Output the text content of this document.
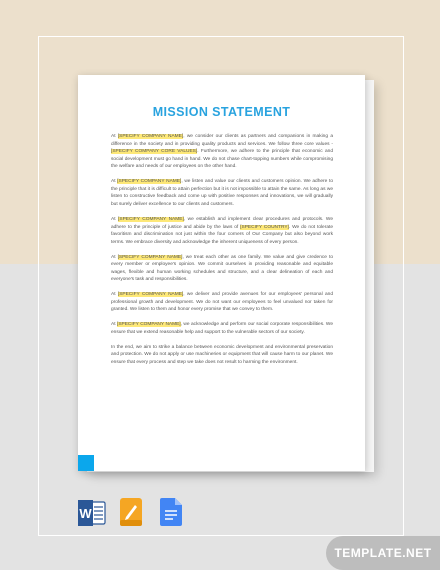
MISSION STATEMENT

At [SPECIFY COMPANY NAME], we consider our clients as partners and companions in making a difference in the society and in providing quality products and services. We follow three core values - [SPECIFY COMPANY CORE VALUES]. Furthermore, we adhere to the principle that economic and social development must go hand in hand. We do not chase chart-topping numbers while compromising the welfare and needs of our employees on the other hand.

At [SPECIFY COMPANY NAME], we listen and value our clients and customers opinion. We adhere to the principle that it is difficult to attain perfection but it is not impossible to attain the same. As long as we listen to constructive feedback and come up with positive responses and innovations, we will gradually but surely deliver excellence to our clients and customers.

At [SPECIFY COMPANY NAME], we establish and implement clear procedures and protocols. We adhere to the principle of justice and abide by the laws of [SPECIFY COUNTRY]. We do not tolerate favoritism and discrimination not just within the four corners of Our Company but also beyond work terms. We embrace diversity and acknowledge the inherent uniqueness of every person.

At [SPECIFY COMPANY NAME], we treat each other as one family. We value and give credence to every member or employee's opinion. We commit ourselves in providing reasonable and equitable wages, flexible and human working schedules and structure, and a clear delineation of each and everyone's task and responsibilities.

At [SPECIFY COMPANY NAME], we deliver and provide avenues for our employees' personal and professional growth and development. We do not want our employees to feel unvalued nor taken for granted. We listen to them and honor every promise that we convey to them.

At [SPECIFY COMPANY NAME], we acknowledge and perform our social corporate responsibilities. We ensure that we extend reasonable help and support to the vulnerable sectors of our society.

In the end, we aim to strike a balance between economic development and environmental preservation and protection. We do not apply or use machineries or equipment that will cause harm to our planet. We ensure that every process and step we take does not result to harming the environment.

W
TEMPLATE.NET
